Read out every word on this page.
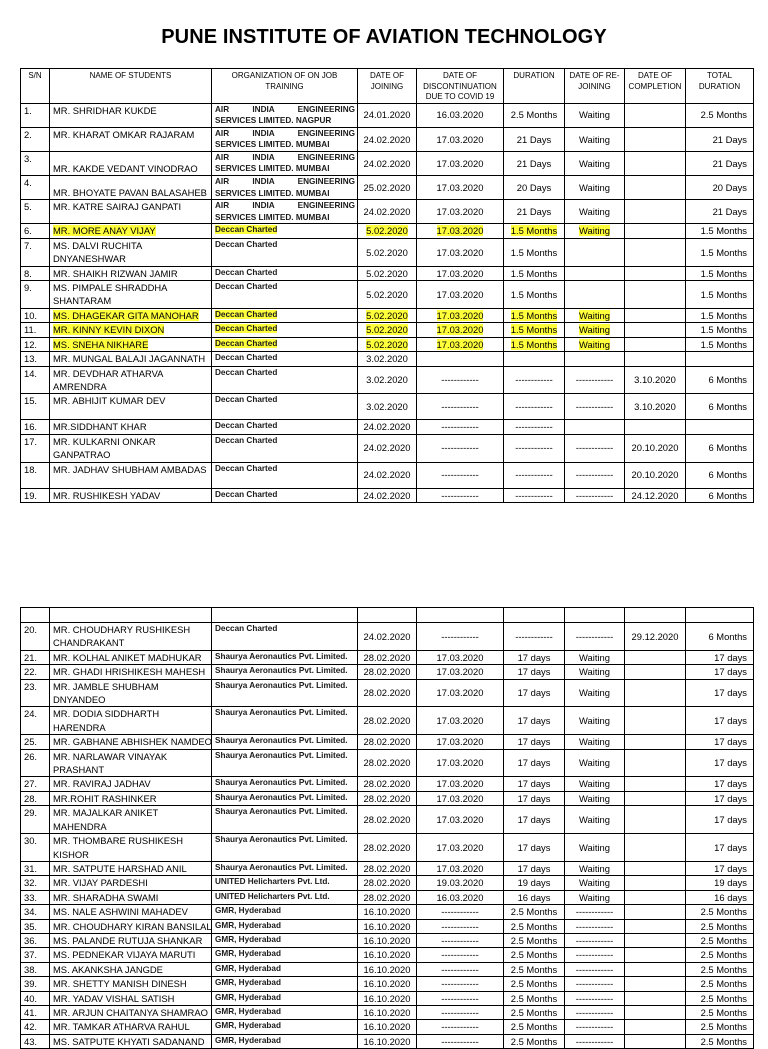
PUNE INSTITUTE OF AVIATION TECHNOLOGY
S/N	NAME OF STUDENTS	ORGANIZATION OF ON JOB TRAINING	DATE OF JOINING	DATE OF DISCONTINUATION DUE TO COVID 19	DURATION	DATE OF RE-JOINING	DATE OF COMPLETION	TOTAL DURATION
1.	MR. SHRIDHAR KUKDE	AIR INDIA ENGINEERING SERVICES LIMITED. NAGPUR	24.01.2020	16.03.2020	2.5 Months	Waiting		2.5 Months
2.	MR. KHARAT OMKAR RAJARAM	AIR INDIA ENGINEERING SERVICES LIMITED. MUMBAI	24.02.2020	17.03.2020	21 Days	Waiting		21 Days
3.	MR. KAKDE VEDANT VINODRAO	AIR INDIA ENGINEERING SERVICES LIMITED. MUMBAI	24.02.2020	17.03.2020	21 Days	Waiting		21 Days
4.	MR. BHOYATE PAVAN BALASAHEB	AIR INDIA ENGINEERING SERVICES LIMITED. MUMBAI	25.02.2020	17.03.2020	20 Days	Waiting		20 Days
5.	MR. KATRE SAIRAJ GANPATI	AIR INDIA ENGINEERING SERVICES LIMITED. MUMBAI	24.02.2020	17.03.2020	21 Days	Waiting		21 Days
6.	MR. MORE ANAY VIJAY	Deccan Charted	5.02.2020	17.03.2020	1.5 Months	Waiting		1.5 Months
7.	MS. DALVI RUCHITA DNYANESHWAR	Deccan Charted	5.02.2020	17.03.2020	1.5 Months			1.5 Months
8.	MR. SHAIKH RIZWAN JAMIR	Deccan Charted	5.02.2020	17.03.2020	1.5 Months			1.5 Months
9.	MS. PIMPALE SHRADDHA SHANTARAM	Deccan Charted	5.02.2020	17.03.2020	1.5 Months			1.5 Months
10.	MS. DHAGEKAR GITA MANOHAR	Deccan Charted	5.02.2020	17.03.2020	1.5 Months	Waiting		1.5 Months
11.	MR. KINNY KEVIN DIXON	Deccan Charted	5.02.2020	17.03.2020	1.5 Months	Waiting		1.5 Months
12.	MS. SNEHA NIKHARE	Deccan Charted	5.02.2020	17.03.2020	1.5 Months	Waiting		1.5 Months
13.	MR. MUNGAL BALAJI JAGANNATH	Deccan Charted	3.02.2020					
14.	MR. DEVDHAR ATHARVA AMRENDRA	Deccan Charted	3.02.2020	------------	------------	------------	3.10.2020	6 Months
15.	MR. ABHIJIT KUMAR DEV	Deccan Charted	3.02.2020	------------	------------	------------	3.10.2020	6 Months
16.	MR.SIDDHANT KHAR	Deccan Charted	24.02.2020	------------	------------			
17.	MR. KULKARNI ONKAR GANPATRAO	Deccan Charted	24.02.2020	------------	------------	------------	20.10.2020	6 Months
18.	MR. JADHAV SHUBHAM AMBADAS	Deccan Charted	24.02.2020	------------	------------	------------	20.10.2020	6 Months
19.	MR. RUSHIKESH YADAV	Deccan Charted	24.02.2020	------------	------------	------------	24.12.2020	6 Months

20.	MR. CHOUDHARY RUSHIKESH CHANDRAKANT	Deccan Charted	24.02.2020	------------	------------	------------	29.12.2020	6 Months
21.	MR. KOLHAL ANIKET MADHUKAR	Shaurya Aeronautics Pvt. Limited.	28.02.2020	17.03.2020	17 days	Waiting		17 days
22.	MR. GHADI HRISHIKESH MAHESH	Shaurya Aeronautics Pvt. Limited.	28.02.2020	17.03.2020	17 days	Waiting		17 days
23.	MR. JAMBLE SHUBHAM DNYANDEO	Shaurya Aeronautics Pvt. Limited.	28.02.2020	17.03.2020	17 days	Waiting		17 days
24.	MR. DODIA SIDDHARTH HARENDRA	Shaurya Aeronautics Pvt. Limited.	28.02.2020	17.03.2020	17 days	Waiting		17 days
25.	MR. GABHANE ABHISHEK NAMDEO	Shaurya Aeronautics Pvt. Limited.	28.02.2020	17.03.2020	17 days	Waiting		17 days
26.	MR. NARLAWAR VINAYAK PRASHANT	Shaurya Aeronautics Pvt. Limited.	28.02.2020	17.03.2020	17 days	Waiting		17 days
27.	MR. RAVIRAJ JADHAV	Shaurya Aeronautics Pvt. Limited.	28.02.2020	17.03.2020	17 days	Waiting		17 days
28.	MR.ROHIT RASHINKER	Shaurya Aeronautics Pvt. Limited.	28.02.2020	17.03.2020	17 days	Waiting		17 days
29.	MR. MAJALKAR ANIKET MAHENDRA	Shaurya Aeronautics Pvt. Limited.	28.02.2020	17.03.2020	17 days	Waiting		17 days
30.	MR. THOMBARE RUSHIKESH KISHOR	Shaurya Aeronautics Pvt. Limited.	28.02.2020	17.03.2020	17 days	Waiting		17 days
31.	MR. SATPUTE HARSHAD ANIL	Shaurya Aeronautics Pvt. Limited.	28.02.2020	17.03.2020	17 days	Waiting		17 days
32.	MR. VIJAY PARDESHI	UNITED Helicharters Pvt. Ltd.	28.02.2020	19.03.2020	19 days	Waiting		19 days
33.	MR. SHARADHA SWAMI	UNITED Helicharters Pvt. Ltd.	28.02.2020	16.03.2020	16 days	Waiting		16 days
34.	MS. NALE ASHWINI MAHADEV	GMR, Hyderabad	16.10.2020	------------	2.5 Months	------------		2.5 Months
35.	MR. CHOUDHARY KIRAN BANSILAL	GMR, Hyderabad	16.10.2020	------------	2.5 Months	------------		2.5 Months
36.	MS. PALANDE RUTUJA SHANKAR	GMR, Hyderabad	16.10.2020	------------	2.5 Months	------------		2.5 Months
37.	MS. PEDNEKAR VIJAYA MARUTI	GMR, Hyderabad	16.10.2020	------------	2.5 Months	------------		2.5 Months
38.	MS. AKANKSHA JANGDE	GMR, Hyderabad	16.10.2020	------------	2.5 Months	------------		2.5 Months
39.	MR. SHETTY MANISH DINESH	GMR, Hyderabad	16.10.2020	------------	2.5 Months	------------		2.5 Months
40.	MR. YADAV VISHAL SATISH	GMR, Hyderabad	16.10.2020	------------	2.5 Months	------------		2.5 Months
41.	MR. ARJUN CHAITANYA SHAMRAO	GMR, Hyderabad	16.10.2020	------------	2.5 Months	------------		2.5 Months
42.	MR. TAMKAR ATHARVA RAHUL	GMR, Hyderabad	16.10.2020	------------	2.5 Months	------------		2.5 Months
43.	MS. SATPUTE KHYATI SADANAND	GMR, Hyderabad	16.10.2020	------------	2.5 Months	------------		2.5 Months
